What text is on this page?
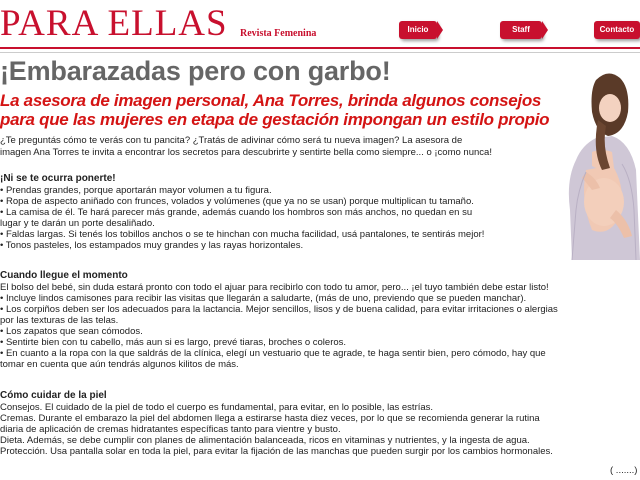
PARA ELLAS Revista Femenina	Inicio	Staff	Contacto
¡Embarazadas pero con garbo!
La asesora de imagen personal, Ana Torres, brinda algunos consejos para que las mujeres en etapa de gestación impongan un estilo propio
¿Te preguntás cómo te verás con tu pancita? ¿Tratás de adivinar cómo será tu nueva imagen? La asesora de
imagen Ana Torres te invita a encontrar los secretos para descubrirte y sentirte bella como siempre... o ¡como nunca!
¡Ni se te ocurra ponerte!
• Prendas grandes, porque aportarán mayor volumen a tu figura.
• Ropa de aspecto aniñado con frunces, volados y volúmenes (que ya no se usan) porque multiplican tu tamaño.
• La camisa de él. Te hará parecer más grande, además cuando los hombros son más anchos, no quedan en su
lugar y te darán un porte desaliñado.
• Faldas largas. Si tenés los tobillos anchos o se te hinchan con mucha facilidad, usá pantalones, te sentirás mejor!
• Tonos pasteles, los estampados muy grandes y las rayas horizontales.
Cuando llegue el momento
El bolso del bebé, sin duda estará pronto con todo el ajuar para recibirlo con todo tu amor, pero... ¡el tuyo también debe estar listo!
• Incluye lindos camisones para recibir las visitas que llegarán a saludarte, (más de uno, previendo que se pueden manchar).
• Los corpiños deben ser los adecuados para la lactancia. Mejor sencillos, lisos y de buena calidad, para evitar irritaciones o alergias
por las texturas de las telas.
• Los zapatos que sean cómodos.
• Sentirte bien con tu cabello, más aun si es largo, prevé tiaras, broches o coleros.
• En cuanto a la ropa con la que saldrás de la clínica, elegí un vestuario que te agrade, te haga sentir bien, pero cómodo, hay que
tomar en cuenta que aún tendrás algunos kilitos de más.
Cómo cuidar de la piel
Consejos. El cuidado de la piel de todo el cuerpo es fundamental, para evitar, en lo posible, las estrías.
Cremas. Durante el embarazo la piel del abdomen llega a estirarse hasta diez veces, por lo que se recomienda generar la rutina
diaria de aplicación de cremas hidratantes específicas tanto para vientre y busto.
Dieta. Además, se debe cumplir con planes de alimentación balanceada, ricos en vitaminas y nutrientes, y la ingesta de agua.
Protección. Usa pantalla solar en toda la piel, para evitar la fijación de las manchas que pueden surgir por los cambios hormonales.
( .......)
